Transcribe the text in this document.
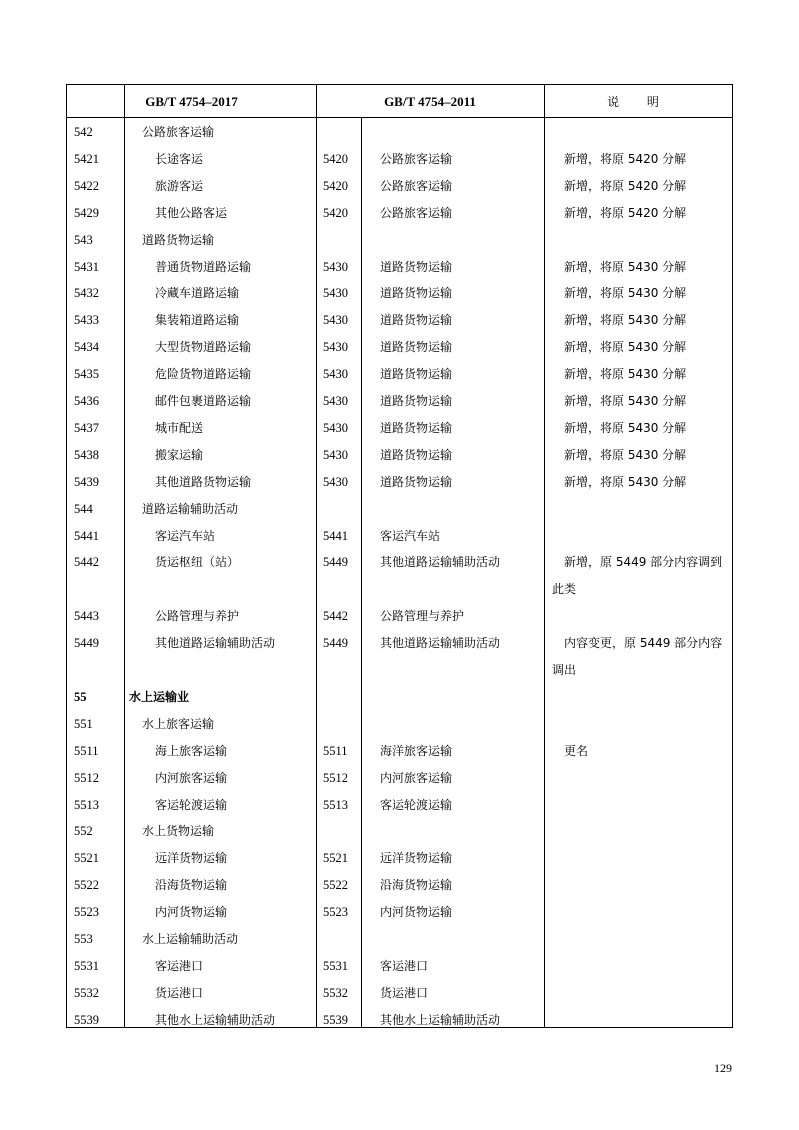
GB/T 4754–2017	GB/T 4754–2011	说 明
542	公路旅客运输
5421	长途客运	5420	公路旅客运输	新增，将原 5420 分解
5422	旅游客运	5420	公路旅客运输	新增，将原 5420 分解
5429	其他公路客运	5420	公路旅客运输	新增，将原 5420 分解
543	道路货物运输
5431	普通货物道路运输	5430	道路货物运输	新增，将原 5430 分解
5432	冷藏车道路运输	5430	道路货物运输	新增，将原 5430 分解
5433	集装箱道路运输	5430	道路货物运输	新增，将原 5430 分解
5434	大型货物道路运输	5430	道路货物运输	新增，将原 5430 分解
5435	危险货物道路运输	5430	道路货物运输	新增，将原 5430 分解
5436	邮件包裹道路运输	5430	道路货物运输	新增，将原 5430 分解
5437	城市配送	5430	道路货物运输	新增，将原 5430 分解
5438	搬家运输	5430	道路货物运输	新增，将原 5430 分解
5439	其他道路货物运输	5430	道路货物运输	新增，将原 5430 分解
544	道路运输辅助活动
5441	客运汽车站	5441	客运汽车站
5442	货运枢纽（站）	5449	其他道路运输辅助活动	新增，原 5449 部分内容调到此类
5443	公路管理与养护	5442	公路管理与养护
5449	其他道路运输辅助活动	5449	其他道路运输辅助活动	内容变更，原 5449 部分内容调出
55	水上运输业
551	水上旅客运输
5511	海上旅客运输	5511	海洋旅客运输	更名
5512	内河旅客运输	5512	内河旅客运输
5513	客运轮渡运输	5513	客运轮渡运输
552	水上货物运输
5521	远洋货物运输	5521	远洋货物运输
5522	沿海货物运输	5522	沿海货物运输
5523	内河货物运输	5523	内河货物运输
553	水上运输辅助活动
5531	客运港口	5531	客运港口
5532	货运港口	5532	货运港口
5539	其他水上运输辅助活动	5539	其他水上运输辅助活动
129
